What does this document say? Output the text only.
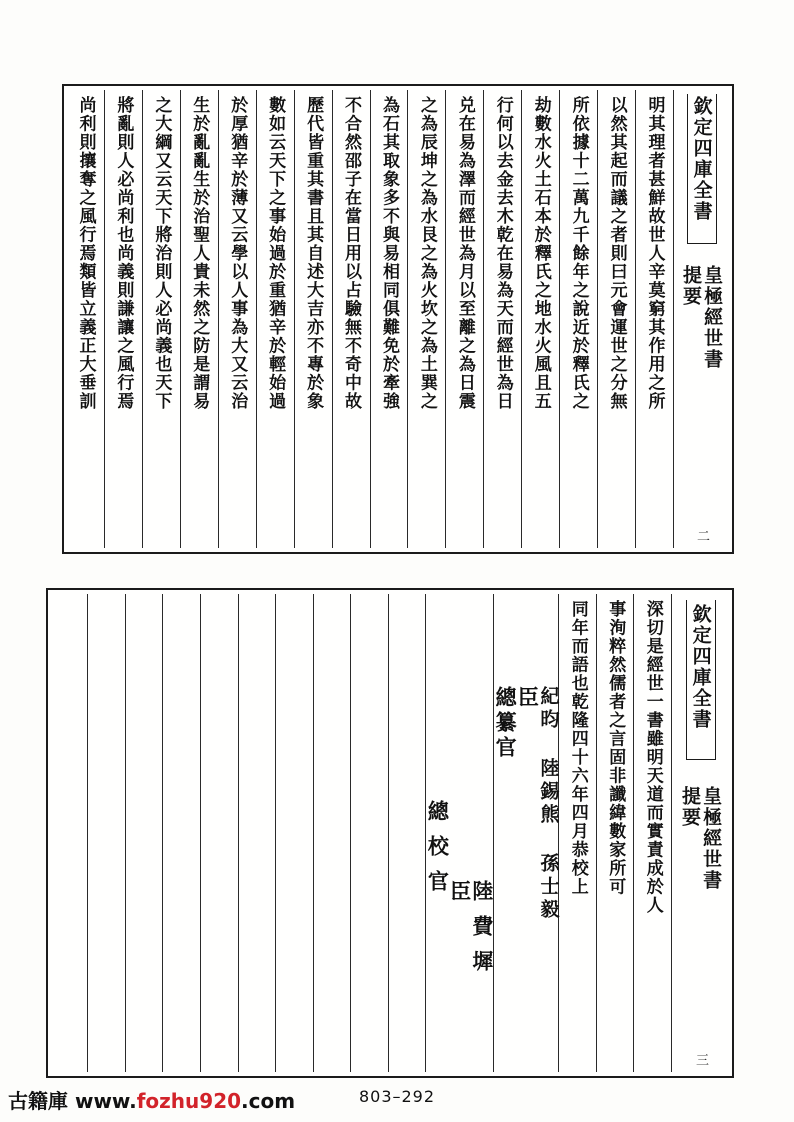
欽定四庫全書
皇極經世書
提要
二
明其理者甚鮮故世人辛莫窮其作用之所
以然其起而議之者則曰元會運世之分無
所依據十二萬九千餘年之說近於釋氏之
劫數水火土石本於釋氏之地水火風且五
行何以去金去木乾在易為天而經世為日
兑在易為澤而經世為月以至離之為日震
之為辰坤之為水艮之為火坎之為土巽之
為石其取象多不與易相同俱難免於牽強
不合然邵子在當日用以占驗無不奇中故
歷代皆重其書且其自述大吉亦不專於象
數如云天下之事始過於重猶辛於輕始過
於厚猶辛於薄又云學以人事為大又云治
生於亂亂生於治聖人貴未然之防是謂易
之大綱又云天下將治則人必尚義也天下
將亂則人必尚利也尚義則謙讓之風行焉
尚利則攘奪之風行焉類皆立義正大垂訓
欽定四庫全書
皇極經世書
提要
三
深切是經世一書雖明天道而實責成於人
事洵粹然儒者之言固非讖緯數家所可
同年而語也乾隆四十六年四月恭校上
總纂官
臣
紀昀 陸錫熊 孫士毅
總校官
臣
陸費墀
古籍庫 www.fozhu920.com	803–292
